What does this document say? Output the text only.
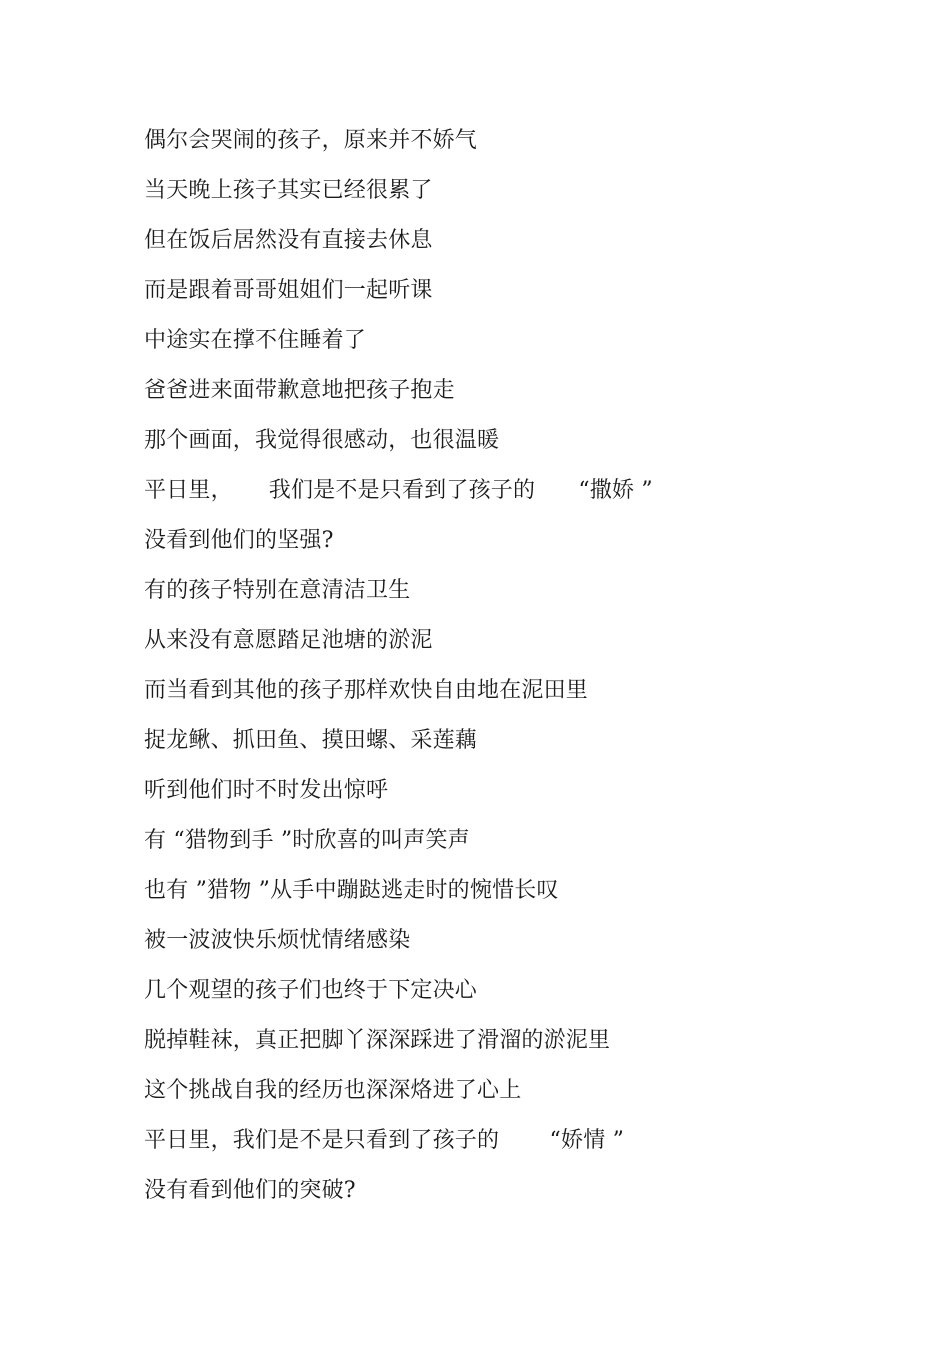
偶尔会哭闹的孩子，原来并不娇气
当天晚上孩子其实已经很累了
但在饭后居然没有直接去休息
而是跟着哥哥姐姐们一起听课
中途实在撑不住睡着了
爸爸进来面带歉意地把孩子抱走
那个画面，我觉得很感动，也很温暖
平日里，     我们是不是只看到了孩子的      “撒娇 ”
没看到他们的坚强?
有的孩子特别在意清洁卫生
从来没有意愿踏足池塘的淤泥
而当看到其他的孩子那样欢快自由地在泥田里
捉龙鳅、抓田鱼、摸田螺、采莲藕
听到他们时不时发出惊呼
有 “猎物到手 ”时欣喜的叫声笑声
也有 ”猎物 ”从手中蹦跶逃走时的惋惜长叹
被一波波快乐烦忧情绪感染
几个观望的孩子们也终于下定决心
脱掉鞋袜，真正把脚丫深深踩进了滑溜的淤泥里
这个挑战自我的经历也深深烙进了心上
平日里，我们是不是只看到了孩子的       “娇情 ”
没有看到他们的突破?
